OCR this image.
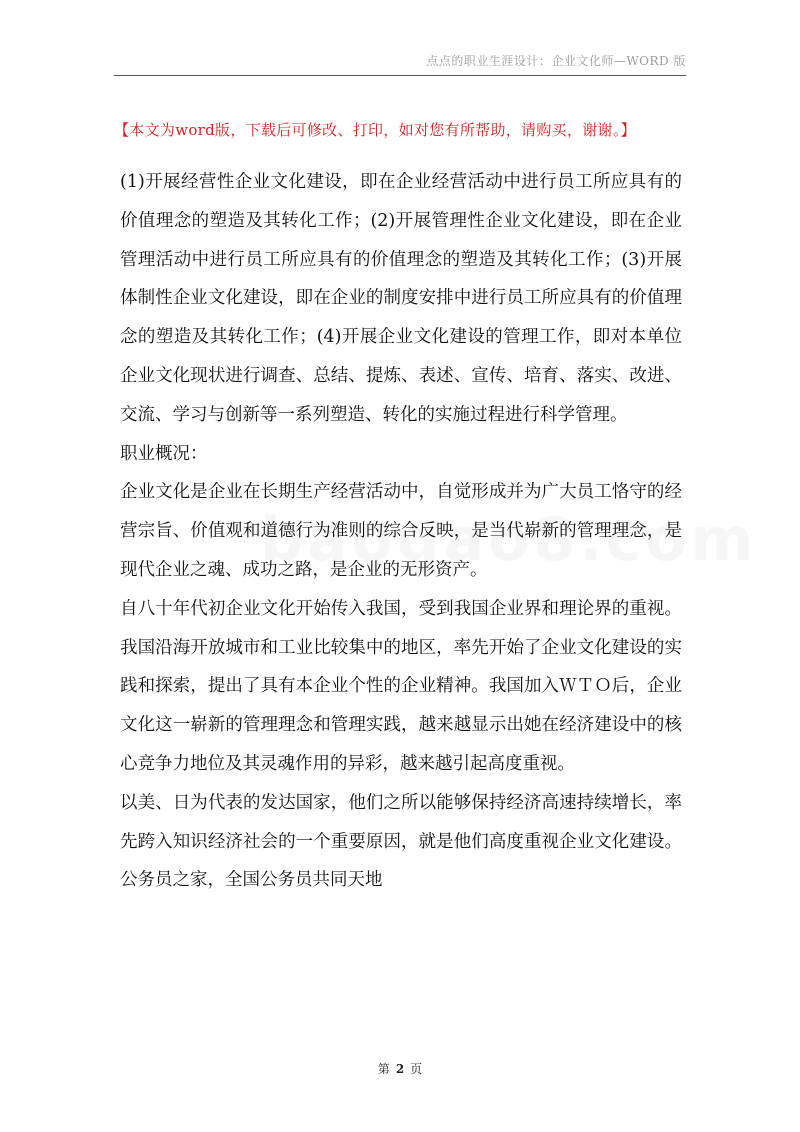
点点的职业生涯设计：企业文化师—WORD 版
【本文为word版，下载后可修改、打印，如对您有所帮助，请购买，谢谢。】

(1)开展经营性企业文化建设，即在企业经营活动中进行员工所应具有的价值理念的塑造及其转化工作；(2)开展管理性企业文化建设，即在企业管理活动中进行员工所应具有的价值理念的塑造及其转化工作；(3)开展体制性企业文化建设，即在企业的制度安排中进行员工所应具有的价值理念的塑造及其转化工作；(4)开展企业文化建设的管理工作，即对本单位企业文化现状进行调查、总结、提炼、表述、宣传、培育、落实、改进、交流、学习与创新等一系列塑造、转化的实施过程进行科学管理。

职业概况：

企业文化是企业在长期生产经营活动中，自觉形成并为广大员工恪守的经营宗旨、价值观和道德行为准则的综合反映，是当代崭新的管理理念，是现代企业之魂、成功之路，是企业的无形资产。

自八十年代初企业文化开始传入我国，受到我国企业界和理论界的重视。我国沿海开放城市和工业比较集中的地区，率先开始了企业文化建设的实践和探索，提出了具有本企业个性的企业精神。我国加入ＷＴＯ后，企业文化这一崭新的管理理念和管理实践，越来越显示出她在经济建设中的核心竞争力地位及其灵魂作用的异彩，越来越引起高度重视。

以美、日为代表的发达国家，他们之所以能够保持经济高速持续增长，率先跨入知识经济社会的一个重要原因，就是他们高度重视企业文化建设。公务员之家，全国公务员共同天地

第 2 页
